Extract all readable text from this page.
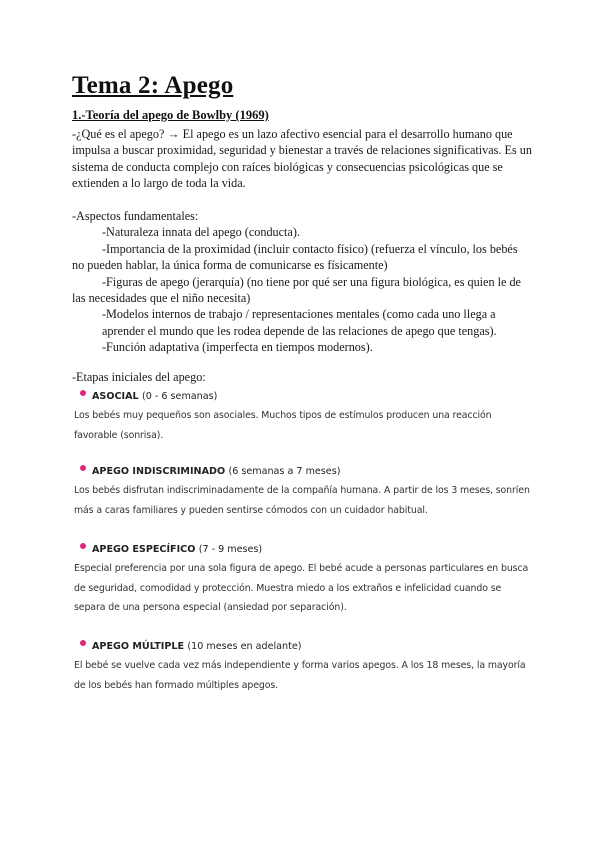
Tema 2: Apego
1.-Teoría del apego de Bowlby (1969)

-¿Qué es el apego? → El apego es un lazo afectivo esencial para el desarrollo humano que impulsa a buscar proximidad, seguridad y bienestar a través de relaciones significativas. Es un sistema de conducta complejo con raíces biológicas y consecuencias psicológicas que se extienden a lo largo de toda la vida.

-Aspectos fundamentales:

-Naturaleza innata del apego (conducta).

-Importancia de la proximidad (incluir contacto físico) (refuerza el vínculo, los bebés no pueden hablar, la única forma de comunicarse es físicamente)

-Figuras de apego (jerarquía) (no tiene por qué ser una figura biológica, es quien le de las necesidades que el niño necesita)

-Modelos internos de trabajo / representaciones mentales (como cada uno llega a aprender el mundo que les rodea depende de las relaciones de apego que tengas).

-Función adaptativa (imperfecta en tiempos modernos).

-Etapas iniciales del apego:

ASOCIAL
(0 - 6 semanas)
Los bebés muy pequeños son asociales. Muchos tipos de estímulos producen una reacción favorable (sonrisa).
APEGO INDISCRIMINADO
(6 semanas a 7 meses)
Los bebés disfrutan indiscriminadamente de la compañía humana. A partir de los 3 meses, sonríen más a caras familiares y pueden sentirse cómodos con un cuidador habitual.
APEGO ESPECÍFICO
(7 - 9 meses)
Especial preferencia por una sola figura de apego. El bebé acude a personas particulares en busca de seguridad, comodidad y protección. Muestra miedo a los extraños e infelicidad cuando se separa de una persona especial (ansiedad por separación).
APEGO MÚLTIPLE
(10 meses en adelante)
El bebé se vuelve cada vez más independiente y forma varios apegos. A los 18 meses, la mayoría de los bebés han formado múltiples apegos.
